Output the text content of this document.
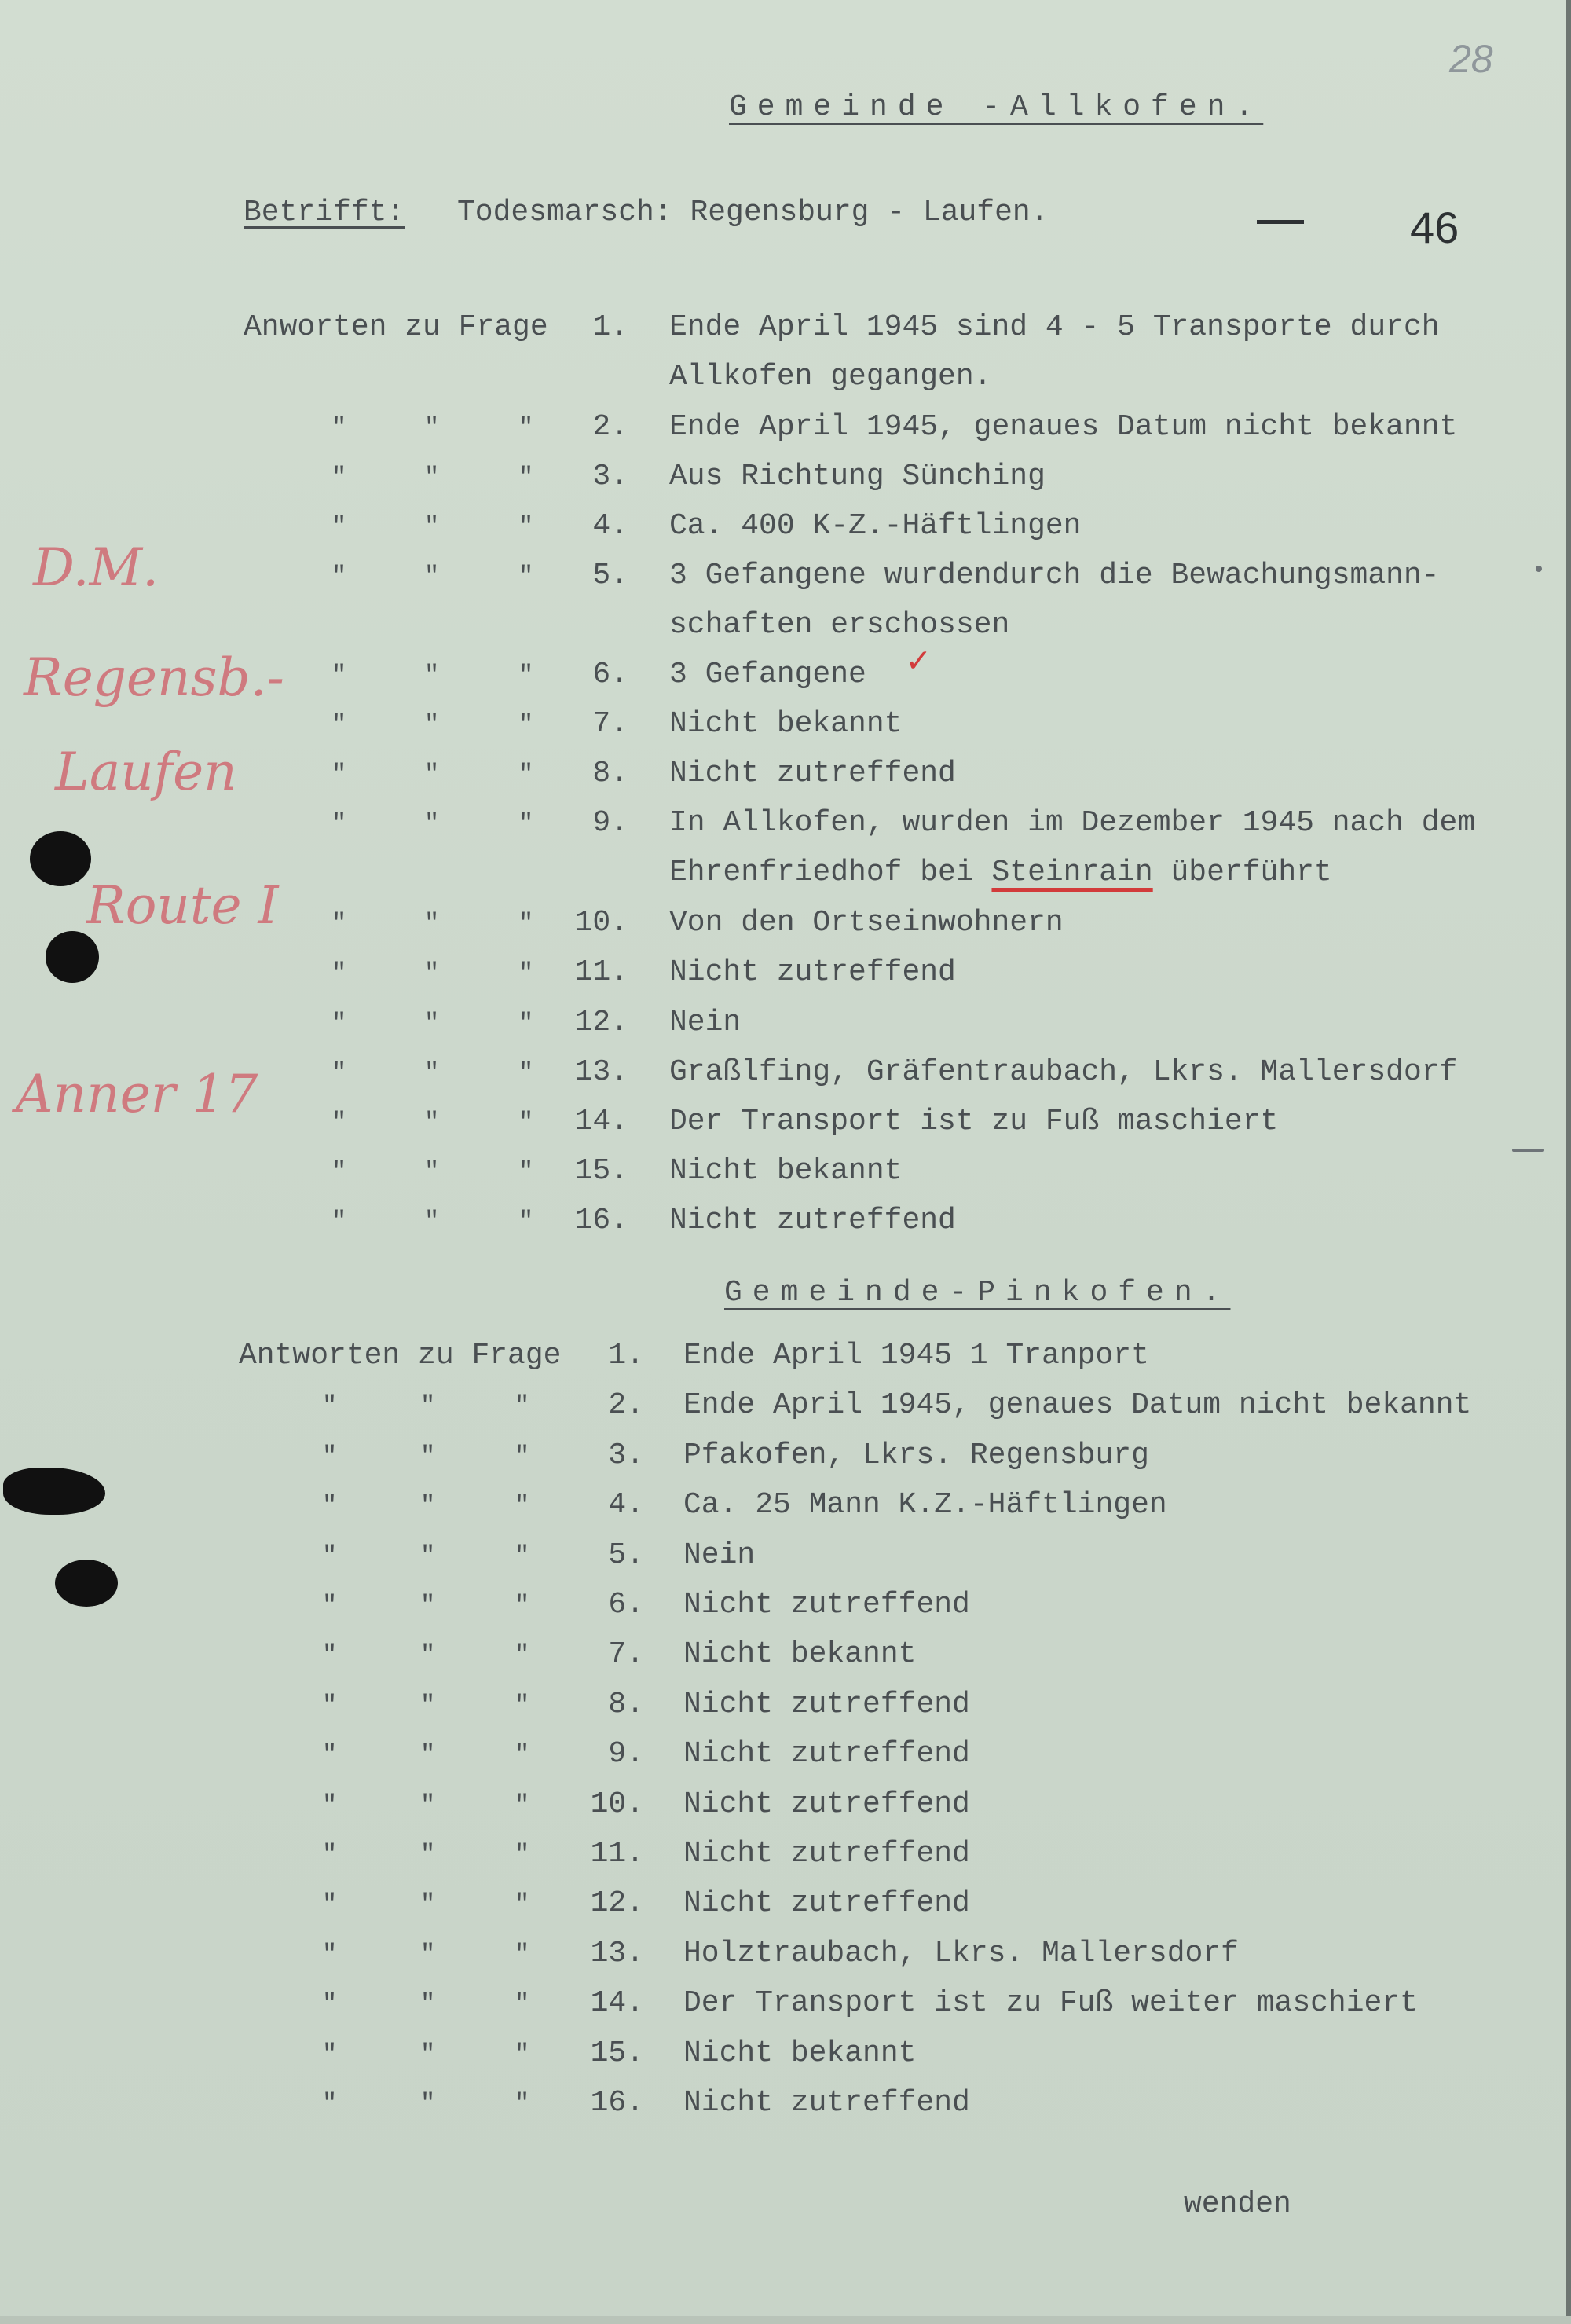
28
Gemeinde -Allkofen.
Betrifft: Todesmarsch: Regensburg - Laufen.	46
Anworten zu Frage	1. Ende April 1945 sind 4 - 5 Transporte durch
Allkofen gegangen.
"	"	"	2. Ende April 1945, genaues Datum nicht bekannt
"	"	"	3. Aus Richtung Sünching
"	"	"	4. Ca. 400 K-Z.-Häftlingen
"	"	"	5. 3 Gefangene wurdendurch die Bewachungsmann-
schaften erschossen
"	"	"	6. 3 Gefangene
"	"	"	7. Nicht bekannt
"	"	"	8. Nicht zutreffend
"	"	"	9. In Allkofen, wurden im Dezember 1945 nach dem
Ehrenfriedhof bei Steinrain überführt
"	"	"	10. Von den Ortseinwohnern
"	"	"	11. Nicht zutreffend
"	"	"	12. Nein
"	"	"	13. Graßlfing, Gräfentraubach, Lkrs. Mallersdorf
"	"	"	14. Der Transport ist zu Fuß maschiert
"	"	"	15. Nicht bekannt
"	"	"	16. Nicht zutreffend
Antworten zu Frage	1. Ende April 1945 1 Tranport
"	"	"	2. Ende April 1945, genaues Datum nicht bekannt
"	"	"	3. Pfakofen, Lkrs. Regensburg
"	"	"	4. Ca. 25 Mann K.Z.-Häftlingen
"	"	"	5. Nein
"	"	"	6. Nicht zutreffend
"	"	"	7. Nicht bekannt
"	"	"	8. Nicht zutreffend
"	"	"	9. Nicht zutreffend
"	"	"	10. Nicht zutreffend
"	"	"	11. Nicht zutreffend
"	"	"	12. Nicht zutreffend
"	"	"	13. Holztraubach, Lkrs. Mallersdorf
"	"	"	14. Der Transport ist zu Fuß weiter maschiert
"	"	"	15. Nicht bekannt
"	"	"	16. Nicht zutreffend
Gemeinde-Pinkofen.
✓
wenden
D.M.
Regensb.-
Laufen
Route I
Anner 17
